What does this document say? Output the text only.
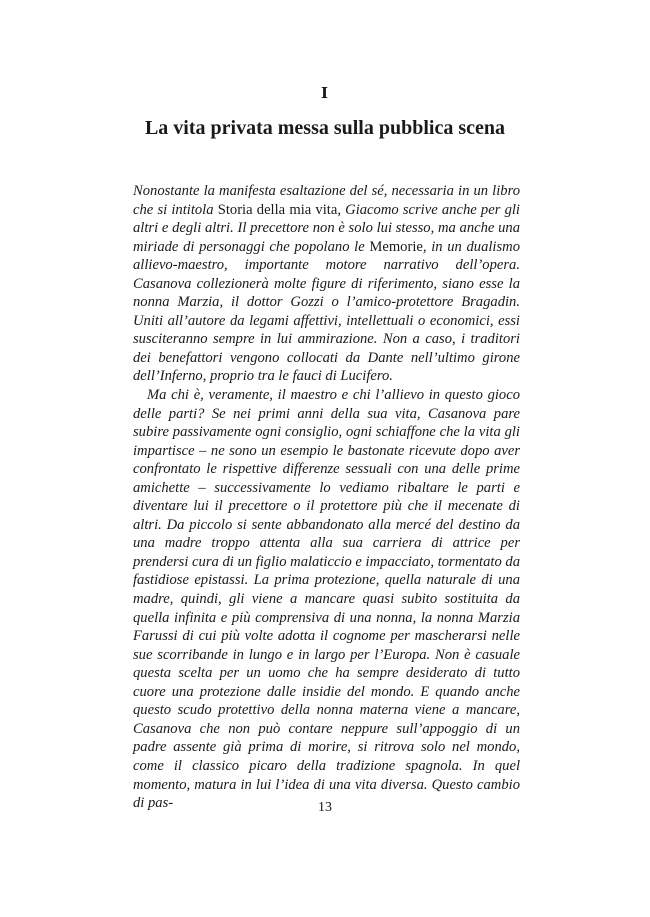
I
La vita privata messa sulla pubblica scena

Nonostante la manifesta esaltazione del sé, necessaria in un libro che si intitola Storia della mia vita, Giacomo scrive anche per gli altri e degli altri. Il precettore non è solo lui stesso, ma anche una miriade di personaggi che popolano le Memorie, in un dualismo allievo-maestro, importante motore narrativo dell’opera. Casanova collezionerà molte figure di riferimento, siano esse la nonna Marzia, il dottor Gozzi o l’amico-protettore Bragadin. Uniti all’autore da legami affettivi, intellettuali o economici, essi susciteranno sempre in lui ammirazione. Non a caso, i traditori dei benefattori vengono collocati da Dante nell’ultimo girone dell’Inferno, proprio tra le fauci di Lucifero.

Ma chi è, veramente, il maestro e chi l’allievo in questo gioco delle parti? Se nei primi anni della sua vita, Casanova pare subire passivamente ogni consiglio, ogni schiaffone che la vita gli impartisce – ne sono un esempio le bastonate ricevute dopo aver confrontato le rispettive differenze sessuali con una delle prime amichette – successivamente lo vediamo ribaltare le parti e diventare lui il precettore o il protettore più che il mecenate di altri. Da piccolo si sente abbandonato alla mercé del destino da una madre troppo attenta alla sua carriera di attrice per prendersi cura di un figlio malaticcio e impacciato, tormentato da fastidiose epistassi. La prima protezione, quella naturale di una madre, quindi, gli viene a mancare quasi subito sostituita da quella infinita e più comprensiva di una nonna, la nonna Marzia Farussi di cui più volte adotta il cognome per mascherarsi nelle sue scorribande in lungo e in largo per l’Europa. Non è casuale questa scelta per un uomo che ha sempre desiderato di tutto cuore una protezione dalle insidie del mondo. E quando anche questo scudo protettivo della nonna materna viene a mancare, Casanova che non può contare neppure sull’appoggio di un padre assente già prima di morire, si ritrova solo nel mondo, come il classico picaro della tradizione spagnola. In quel momento, matura in lui l’idea di una vita diversa. Questo cambio di pas-	13
